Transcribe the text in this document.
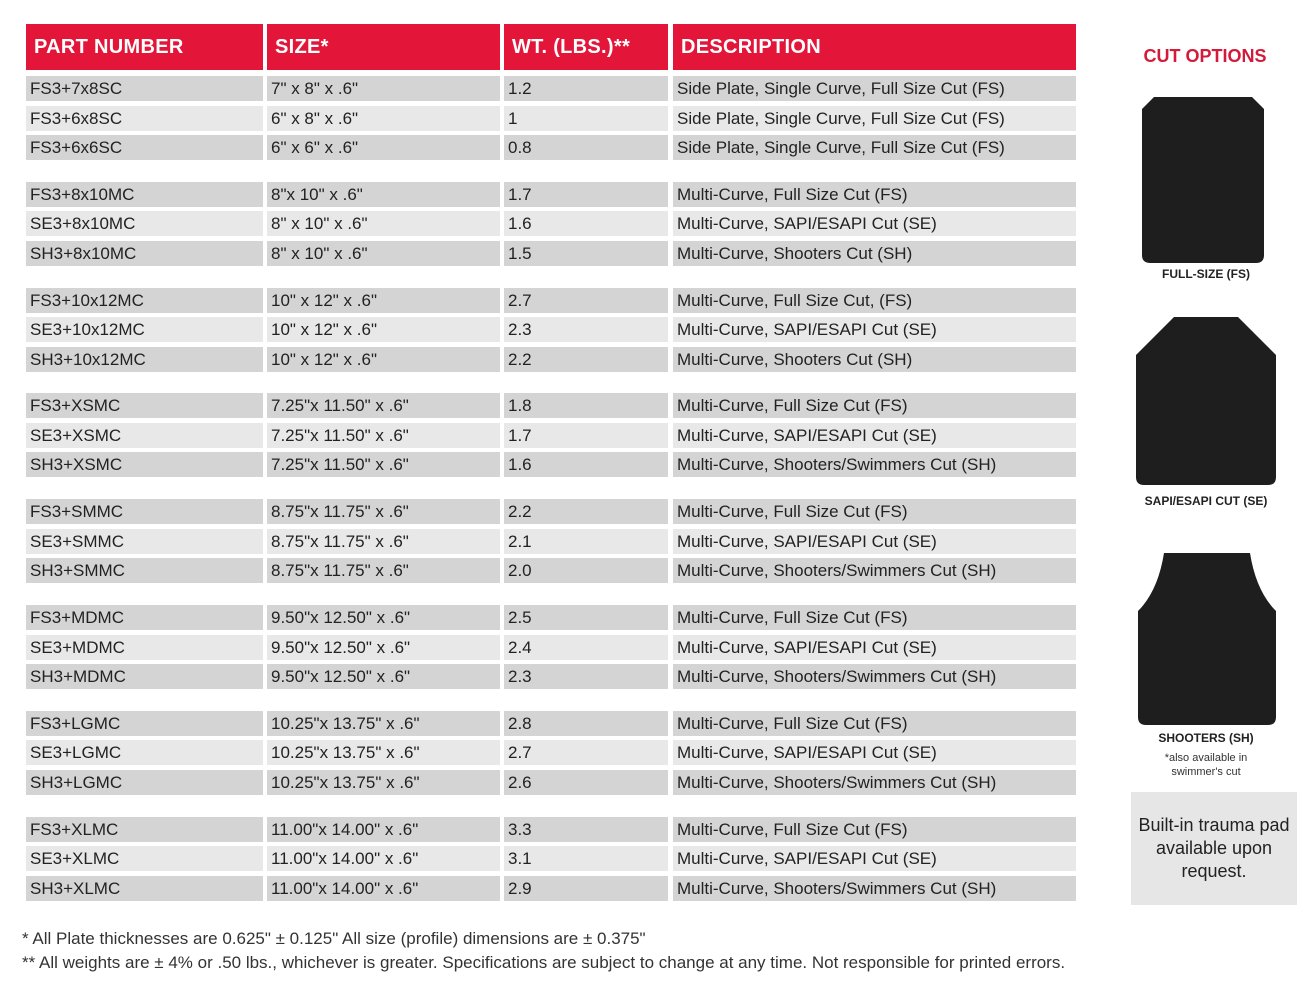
PART NUMBER	SIZE*	WT. (LBS.)**	DESCRIPTION
FS3+7x8SC	7" x 8" x .6"	1.2	Side Plate, Single Curve, Full Size Cut (FS)
FS3+6x8SC	6" x 8" x .6"	1	Side Plate, Single Curve, Full Size Cut (FS)
FS3+6x6SC	6" x 6" x .6"	0.8	Side Plate, Single Curve, Full Size Cut (FS)
FS3+8x10MC	8"x 10" x .6"	1.7	Multi-Curve, Full Size Cut (FS)
SE3+8x10MC	8" x 10" x .6"	1.6	Multi-Curve, SAPI/ESAPI Cut (SE)
SH3+8x10MC	8" x 10" x .6"	1.5	Multi-Curve, Shooters Cut (SH)
FS3+10x12MC	10" x 12" x .6"	2.7	Multi-Curve, Full Size Cut, (FS)
SE3+10x12MC	10" x 12" x .6"	2.3	Multi-Curve, SAPI/ESAPI Cut (SE)
SH3+10x12MC	10" x 12" x .6"	2.2	Multi-Curve, Shooters Cut (SH)
FS3+XSMC	7.25"x 11.50" x .6"	1.8	Multi-Curve, Full Size Cut (FS)
SE3+XSMC	7.25"x 11.50" x .6"	1.7	Multi-Curve, SAPI/ESAPI Cut (SE)
SH3+XSMC	7.25"x 11.50" x .6"	1.6	Multi-Curve, Shooters/Swimmers Cut (SH)
FS3+SMMC	8.75"x 11.75" x .6"	2.2	Multi-Curve, Full Size Cut (FS)
SE3+SMMC	8.75"x 11.75" x .6"	2.1	Multi-Curve, SAPI/ESAPI Cut (SE)
SH3+SMMC	8.75"x 11.75" x .6"	2.0	Multi-Curve, Shooters/Swimmers Cut (SH)
FS3+MDMC	9.50"x 12.50" x .6"	2.5	Multi-Curve, Full Size Cut (FS)
SE3+MDMC	9.50"x 12.50" x .6"	2.4	Multi-Curve, SAPI/ESAPI Cut (SE)
SH3+MDMC	9.50"x 12.50" x .6"	2.3	Multi-Curve, Shooters/Swimmers Cut (SH)
FS3+LGMC	10.25"x 13.75" x .6"	2.8	Multi-Curve, Full Size Cut (FS)
SE3+LGMC	10.25"x 13.75" x .6"	2.7	Multi-Curve, SAPI/ESAPI Cut (SE)
SH3+LGMC	10.25"x 13.75" x .6"	2.6	Multi-Curve, Shooters/Swimmers Cut (SH)
FS3+XLMC	11.00"x 14.00" x .6"	3.3	Multi-Curve, Full Size Cut (FS)
SE3+XLMC	11.00"x 14.00" x .6"	3.1	Multi-Curve, SAPI/ESAPI Cut (SE)
SH3+XLMC	11.00"x 14.00" x .6"	2.9	Multi-Curve, Shooters/Swimmers Cut (SH)
CUT OPTIONS
FULL-SIZE (FS)
SAPI/ESAPI CUT (SE)
SHOOTERS (SH)
*also available in swimmer's cut
Built-in trauma pad available upon request.
* All Plate thicknesses are 0.625" ± 0.125" All size (profile) dimensions are ± 0.375"
** All weights are ± 4% or .50 lbs., whichever is greater. Specifications are subject to change at any time. Not responsible for printed errors.
